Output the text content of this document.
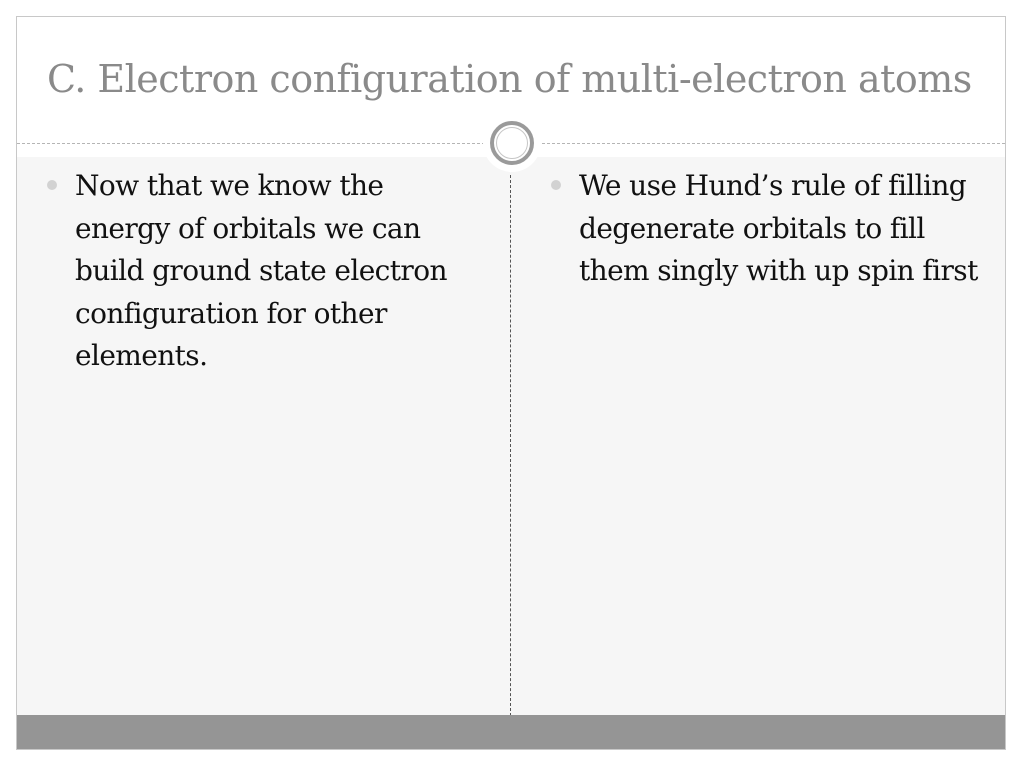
C. Electron configuration of multi-electron atoms
Now that we know the energy of orbitals we can build ground state electron configuration for other elements.
We use Hund’s rule of filling degenerate orbitals to fill them singly with up spin first
